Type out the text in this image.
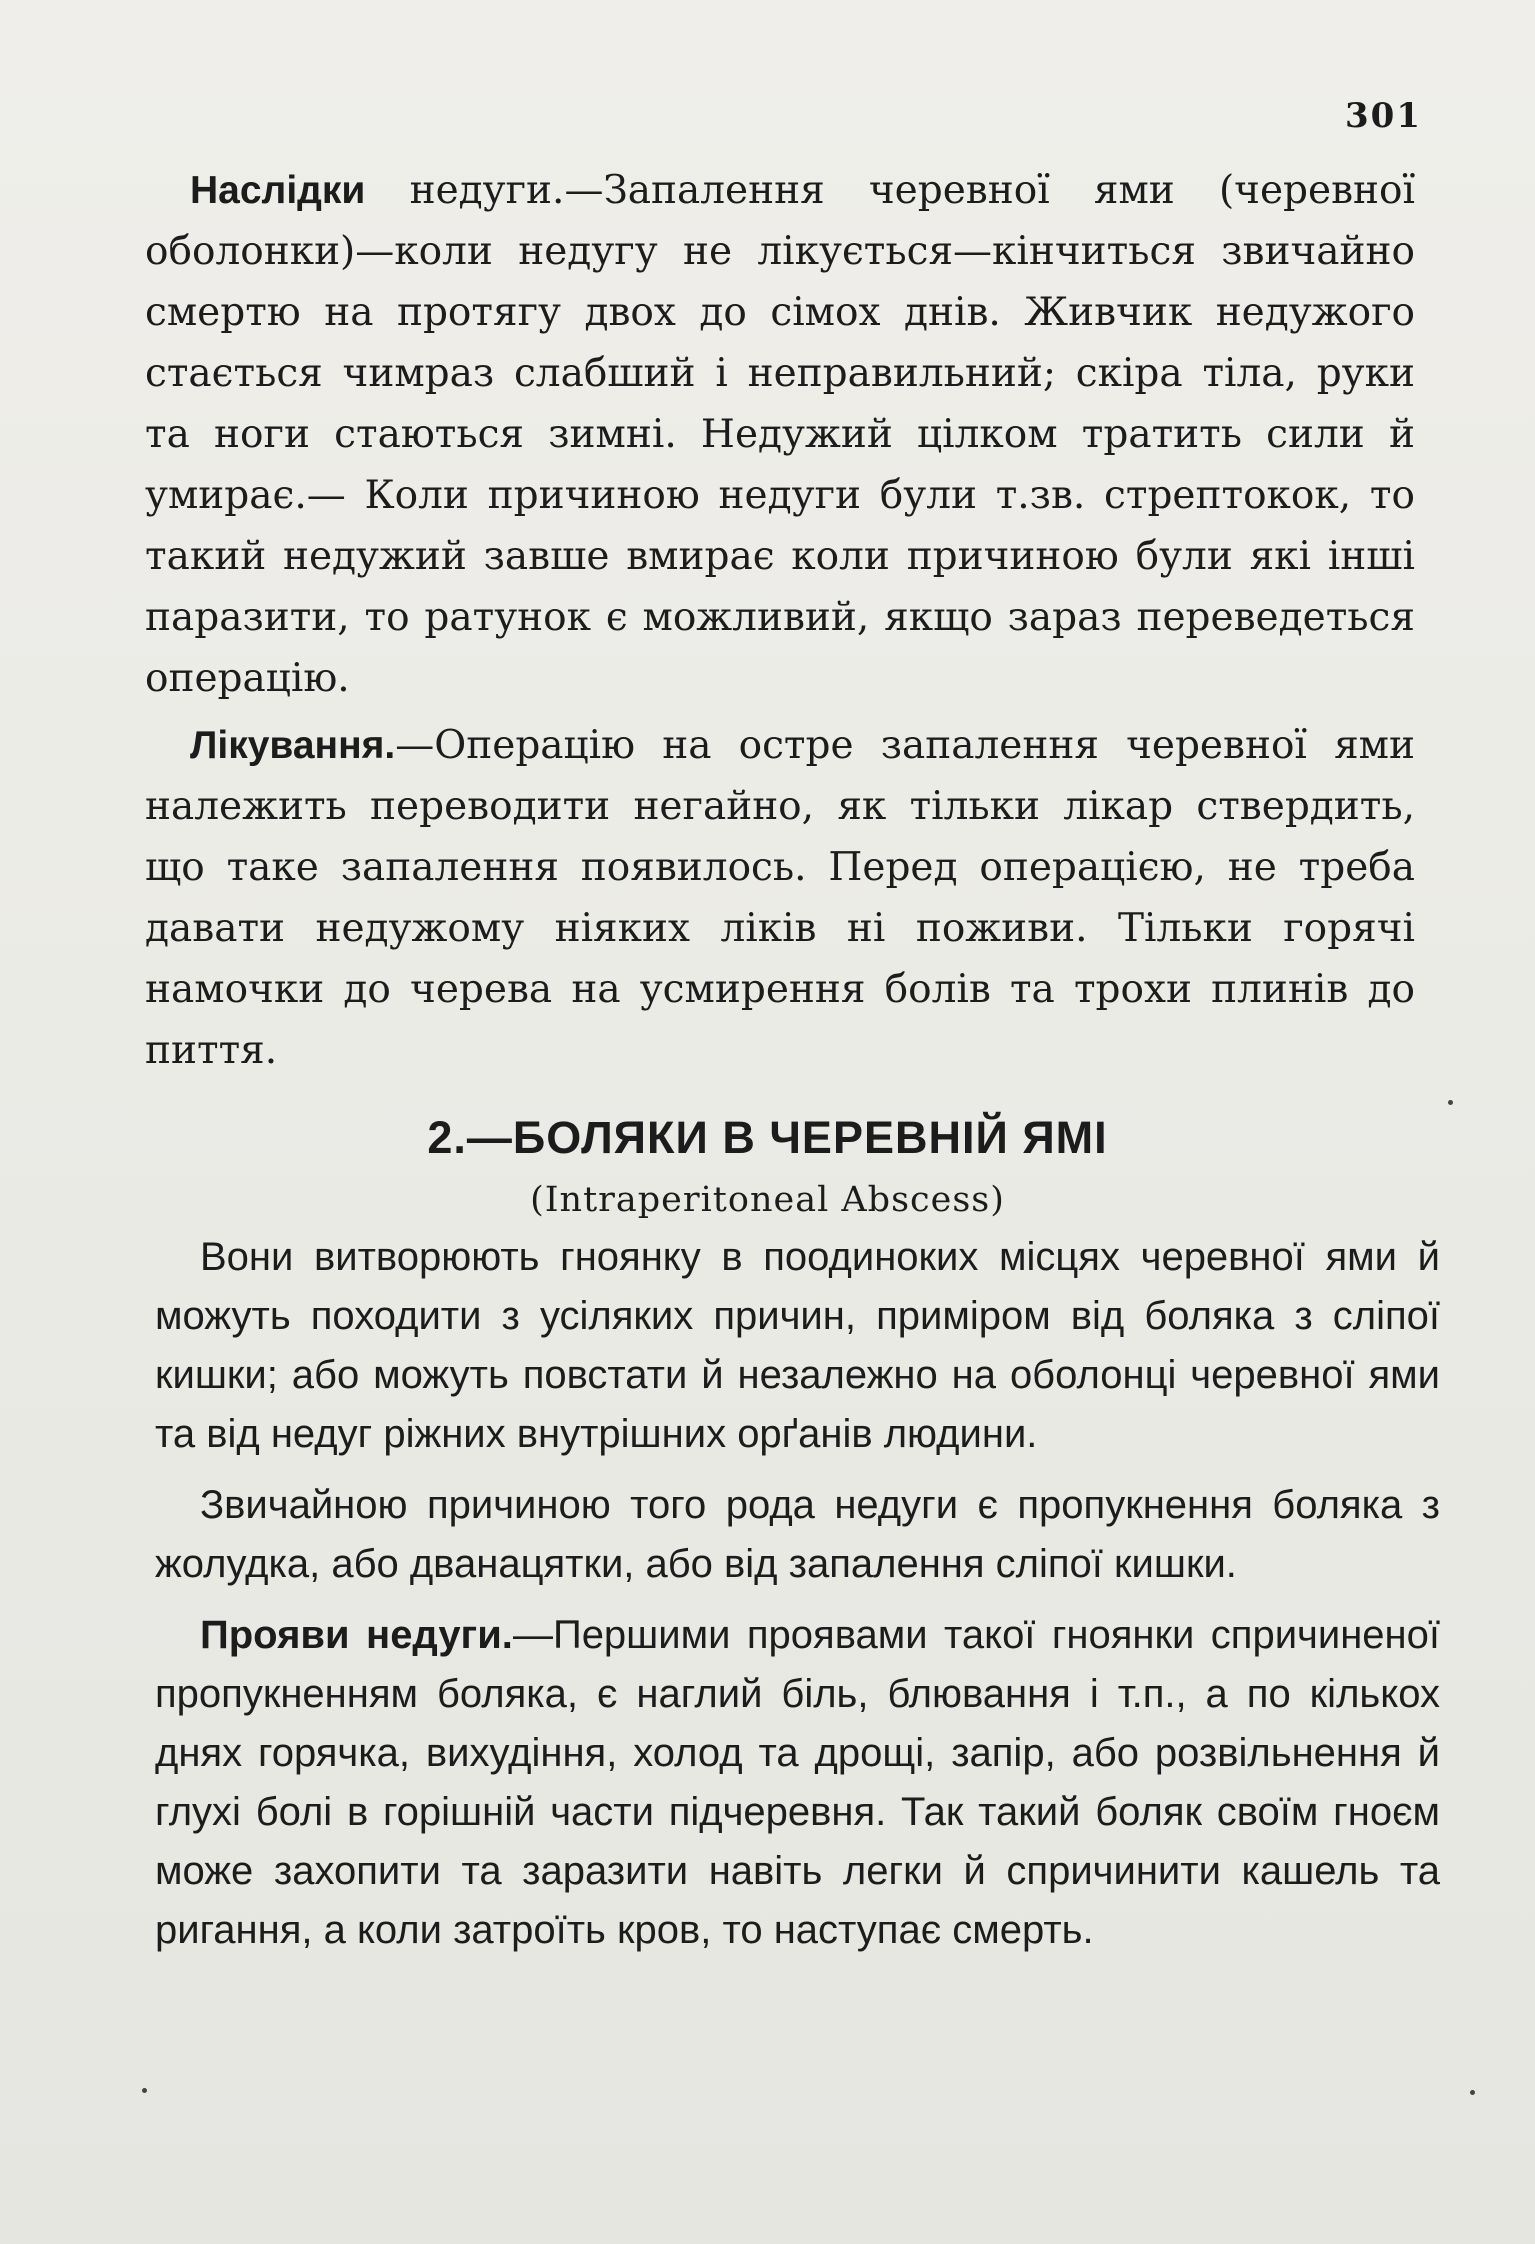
301

Наслідки недуги.—Запалення черевної ями (черевної оболонки)—коли недугу не лікується—кінчиться звичайно смертю на протягу двох до сімох днів. Живчик недужого стається чимраз слабший і неправильний; скіра тіла, руки та ноги стаються зимні. Недужий цілком тратить сили й умирає.— Коли причиною недуги були т.зв. стрептокок, то такий недужий завше вмирає коли причиною були які інші паразити, то ратунок є можливий, якщо зараз переведеться операцію.

Лікування.—Операцію на остре запалення черевної ями належить переводити негайно, як тільки лікар ствердить, що таке запалення появилось. Перед операцією, не треба давати недужому ніяких ліків ні поживи. Тільки горячі намочки до черева на усмирення болів та трохи плинів до пиття.

2.—БОЛЯКИ В ЧЕРЕВНІЙ ЯМІ
(Intraperitoneal Abscess)

Вони витворюють гноянку в поодиноких місцях черевної ями й можуть походити з усіляких причин, приміром від боляка з сліпої кишки; або можуть повстати й незалежно на оболонці черевної ями та від недуг ріжних внутрішних орґанів людини.

Звичайною причиною того рода недуги є пропукнення боляка з жолудка, або дванацятки, або від запалення сліпої кишки.

Прояви недуги.—Першими проявами такої гноянки спричиненої пропукненням боляка, є наглий біль, блювання і т.п., а по кількох днях горячка, вихудіння, холод та дрощі, запір, або розвільнення й глухі болі в горішній части підчеревня. Так такий боляк своїм гноєм може захопити та заразити навіть легки й спричинити кашель та ригання, а коли затроїть кров, то наступає смерть.
